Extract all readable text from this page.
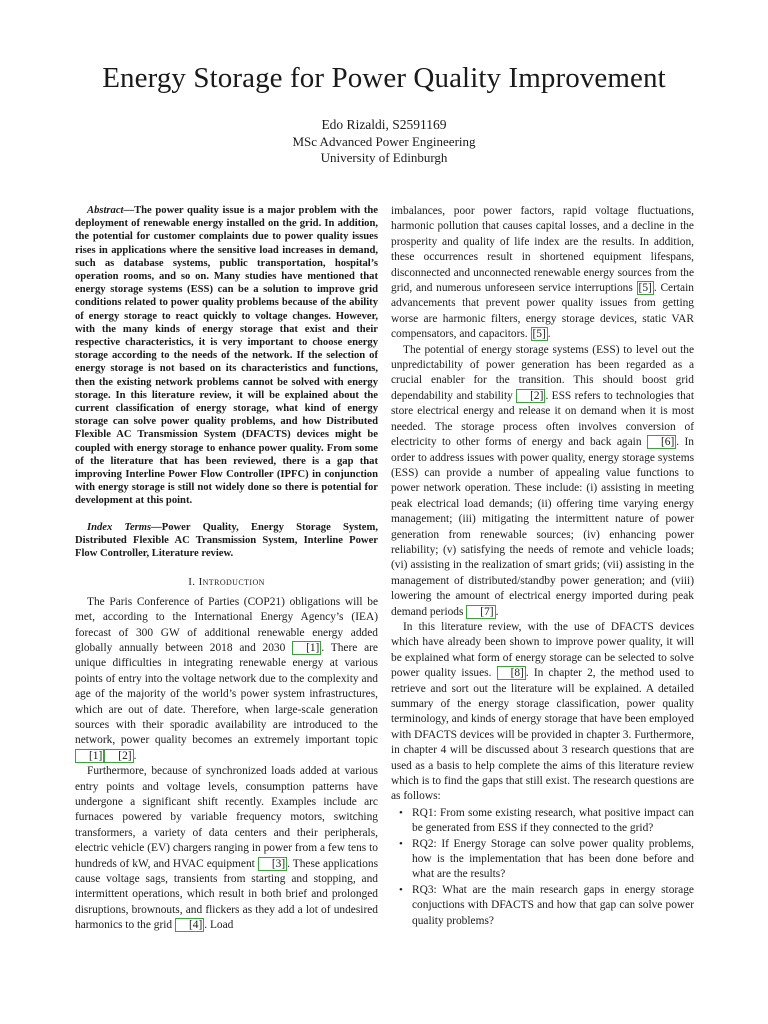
Energy Storage for Power Quality Improvement
Edo Rizaldi, S2591169
MSc Advanced Power Engineering
University of Edinburgh

Abstract—The power quality issue is a major problem with the deployment of renewable energy installed on the grid. In addition, the potential for customer complaints due to power quality issues rises in applications where the sensitive load increases in demand, such as database systems, public transportation, hospital’s operation rooms, and so on. Many studies have mentioned that energy storage systems (ESS) can be a solution to improve grid conditions related to power quality problems because of the ability of energy storage to react quickly to voltage changes. However, with the many kinds of energy storage that exist and their respective characteristics, it is very important to choose energy storage according to the needs of the network. If the selection of energy storage is not based on its characteristics and functions, then the existing network problems cannot be solved with energy storage. In this literature review, it will be explained about the current classification of energy storage, what kind of energy storage can solve power quality problems, and how Distributed Flexible AC Transmission System (DFACTS) devices might be coupled with energy storage to enhance power quality. From some of the literature that has been reviewed, there is a gap that improving Interline Power Flow Controller (IPFC) in conjunction with energy storage is still not widely done so there is potential for development at this point.

Index Terms—Power Quality, Energy Storage System, Distributed Flexible AC Transmission System, Interline Power Flow Controller, Literature review.

I. Introduction

The Paris Conference of Parties (COP21) obligations will be met, according to the International Energy Agency’s (IEA) forecast of 300 GW of additional renewable energy added globally annually between 2018 and 2030 [1] . There are unique difficulties in integrating renewable energy at various points of entry into the voltage network due to the complexity and age of the majority of the world’s power system infrastructures, which are out of date. Therefore, when large-scale generation sources with their sporadic availability are introduced to the network, power quality becomes an extremely important topic [1] [2] .

Furthermore, because of synchronized loads added at various entry points and voltage levels, consumption patterns have undergone a significant shift recently. Examples include arc furnaces powered by variable frequency motors, switching transformers, a variety of data centers and their peripherals, electric vehicle (EV) chargers ranging in power from a few tens to hundreds of kW, and HVAC equipment [3] . These applications cause voltage sags, transients from starting and stopping, and intermittent operations, which result in both brief and prolonged disruptions, brownouts, and flickers as they add a lot of undesired harmonics to the grid [4] . Load

imbalances, poor power factors, rapid voltage fluctuations, harmonic pollution that causes capital losses, and a decline in the prosperity and quality of life index are the results. In addition, these occurrences result in shortened equipment lifespans, disconnected and unconnected renewable energy sources from the grid, and numerous unforeseen service interruptions [5] . Certain advancements that prevent power quality issues from getting worse are harmonic filters, energy storage devices, static VAR compensators, and capacitors. [5] .

The potential of energy storage systems (ESS) to level out the unpredictability of power generation has been regarded as a crucial enabler for the transition. This should boost grid dependability and stability [2] . ESS refers to technologies that store electrical energy and release it on demand when it is most needed. The storage process often involves conversion of electricity to other forms of energy and back again [6] . In order to address issues with power quality, energy storage systems (ESS) can provide a number of appealing value functions to power network operation. These include: (i) assisting in meeting peak electrical load demands; (ii) offering time varying energy management; (iii) mitigating the intermittent nature of power generation from renewable sources; (iv) enhancing power reliability; (v) satisfying the needs of remote and vehicle loads; (vi) assisting in the realization of smart grids; (vii) assisting in the management of distributed/standby power generation; and (viii) lowering the amount of electrical energy imported during peak demand periods [7] .

In this literature review, with the use of DFACTS devices which have already been shown to improve power quality, it will be explained what form of energy storage can be selected to solve power quality issues. [8] . In chapter 2, the method used to retrieve and sort out the literature will be explained. A detailed summary of the energy storage classification, power quality terminology, and kinds of energy storage that have been employed with DFACTS devices will be provided in chapter 3. Furthermore, in chapter 4 will be discussed about 3 research questions that are used as a basis to help complete the aims of this literature review which is to find the gaps that still exist. The research questions are as follows:

• RQ1: From some existing research, what positive impact can be generated from ESS if they connected to the grid?
• RQ2: If Energy Storage can solve power quality problems, how is the implementation that has been done before and what are the results?
• RQ3: What are the main research gaps in energy storage conjuctions with DFACTS and how that gap can solve power quality problems?
